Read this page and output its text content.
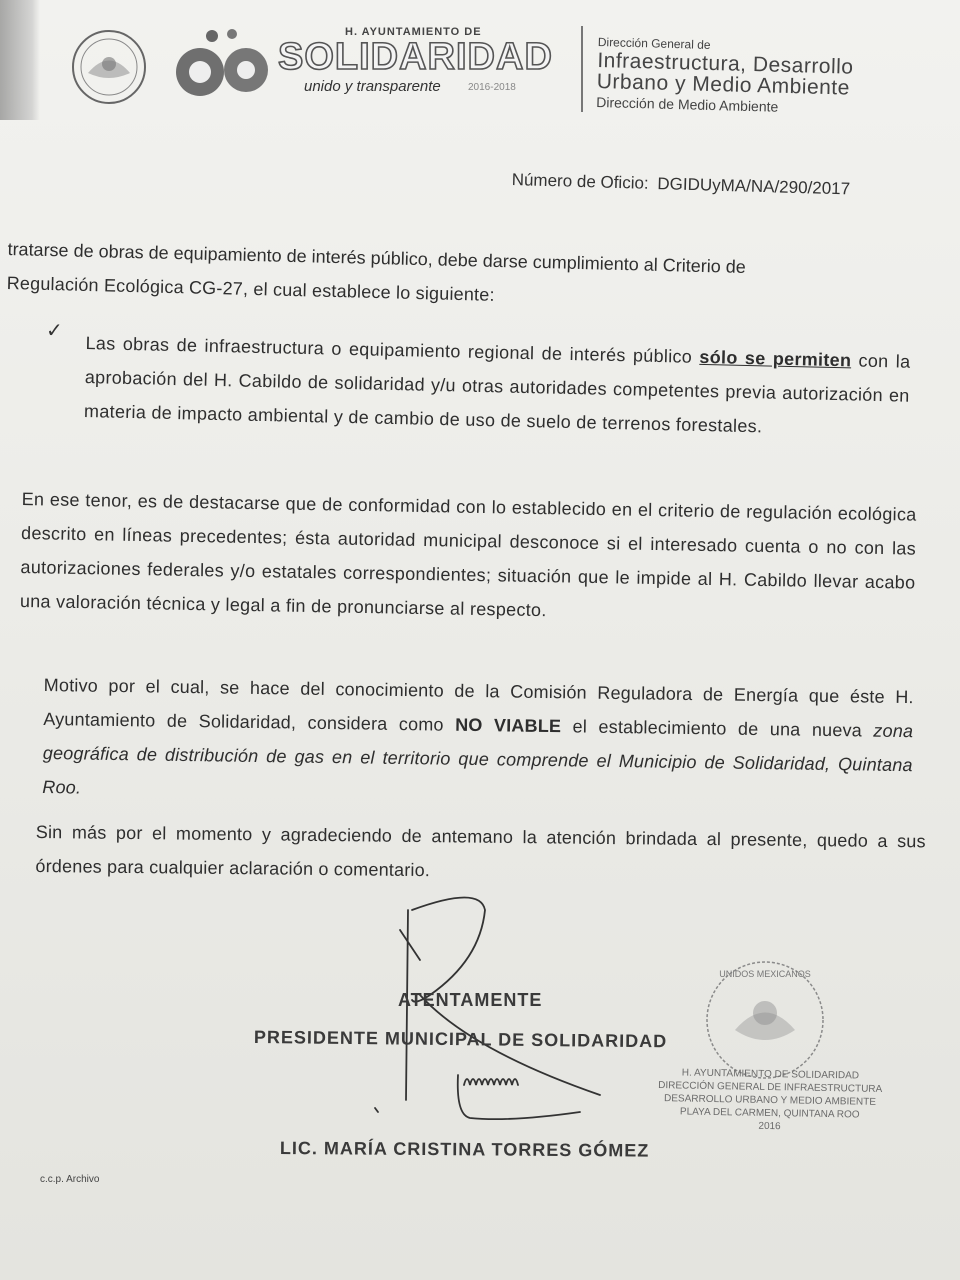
H. AYUNTAMIENTO DE
SOLIDARIDAD
unido y transparente	2016-2018
Dirección General de
Infraestructura, Desarrollo
Urbano y Medio Ambiente
Dirección de Medio Ambiente
Número de Oficio: DGIDUyMA/NA/290/2017
tratarse de obras de equipamiento de interés público, debe darse cumplimiento al Criterio de
Regulación Ecológica CG-27, el cual establece lo siguiente:
✓
Las obras de infraestructura o equipamiento regional de interés público sólo se permiten con la aprobación del H. Cabildo de solidaridad y/u otras autoridades competentes previa autorización en materia de impacto ambiental y de cambio de uso de suelo de terrenos forestales.
En ese tenor, es de destacarse que de conformidad con lo establecido en el criterio de regulación ecológica descrito en líneas precedentes; ésta autoridad municipal desconoce si el interesado cuenta o no con las autorizaciones federales y/o estatales correspondientes; situación que le impide al H. Cabildo llevar acabo una valoración técnica y legal a fin de pronunciarse al respecto.
Motivo por el cual, se hace del conocimiento de la Comisión Reguladora de Energía que éste H. Ayuntamiento de Solidaridad, considera como NO VIABLE el establecimiento de una nueva zona geográfica de distribución de gas en el territorio que comprende el Municipio de Solidaridad, Quintana Roo.
Sin más por el momento y agradeciendo de antemano la atención brindada al presente, quedo a sus órdenes para cualquier aclaración o comentario.
ATENTAMENTE
PRESIDENTE MUNICIPAL DE SOLIDARIDAD
LIC. MARÍA CRISTINA TORRES GÓMEZ
UNIDOS MEXICANOS
H. AYUNTAMIENTO DE SOLIDARIDAD
DIRECCIÓN GENERAL DE INFRAESTRUCTURA
DESARROLLO URBANO Y MEDIO AMBIENTE
PLAYA DEL CARMEN, QUINTANA ROO
2016
c.c.p. Archivo
